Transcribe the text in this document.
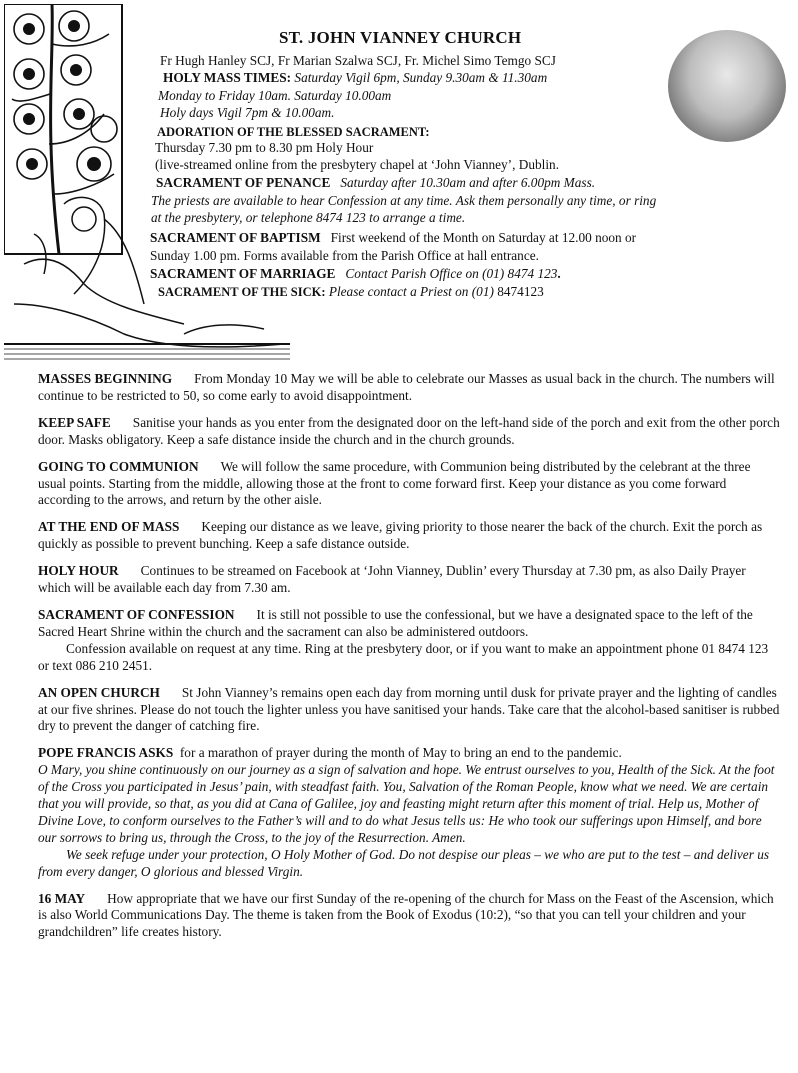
ST. JOHN VIANNEY CHURCH
Fr Hugh Hanley SCJ, Fr Marian Szalwa SCJ, Fr. Michel Simo Temgo SCJ
HOLY MASS TIMES: Saturday Vigil 6pm, Sunday 9.30am & 11.30am
Monday to Friday 10am. Saturday 10.00am
Holy days Vigil 7pm & 10.00am.
ADORATION OF THE BLESSED SACRAMENT:
Thursday 7.30 pm to 8.30 pm Holy Hour
(live-streamed online from the presbytery chapel at ‘John Vianney’, Dublin.
SACRAMENT OF PENANCE Saturday after 10.30am and after 6.00pm Mass.
The priests are available to hear Confession at any time. Ask them personally any time, or ring
at the presbytery, or telephone 8474 123 to arrange a time.
SACRAMENT OF BAPTISM First weekend of the Month on Saturday at 12.00 noon or
Sunday 1.00 pm. Forms available from the Parish Office at hall entrance.
SACRAMENT OF MARRIAGE Contact Parish Office on (01) 8474 123.
SACRAMENT OF THE SICK: Please contact a Priest on (01) 8474123

MASSES BEGINNING From Monday 10 May we will be able to celebrate our Masses as usual back in the church. The numbers will continue to be restricted to 50, so come early to avoid disappointment.

KEEP SAFE Sanitise your hands as you enter from the designated door on the left-hand side of the porch and exit from the other porch door. Masks obligatory. Keep a safe distance inside the church and in the church grounds.

GOING TO COMMUNION We will follow the same procedure, with Communion being distributed by the celebrant at the three usual points. Starting from the middle, allowing those at the front to come forward first. Keep your distance as you come forward according to the arrows, and return by the other aisle.

AT THE END OF MASS Keeping our distance as we leave, giving priority to those nearer the back of the church. Exit the porch as quickly as possible to prevent bunching. Keep a safe distance outside.

HOLY HOUR Continues to be streamed on Facebook at ‘John Vianney, Dublin’ every Thursday at 7.30 pm, as also Daily Prayer which will be available each day from 7.30 am.

SACRAMENT OF CONFESSION It is still not possible to use the confessional, but we have a designated space to the left of the Sacred Heart Shrine within the church and the sacrament can also be administered outdoors.
Confession available on request at any time. Ring at the presbytery door, or if you want to make an appointment phone 01 8474 123 or text 086 210 2451.

AN OPEN CHURCH St John Vianney’s remains open each day from morning until dusk for private prayer and the lighting of candles at our five shrines. Please do not touch the lighter unless you have sanitised your hands. Take care that the alcohol-based sanitiser is rubbed dry to prevent the danger of catching fire.

POPE FRANCIS ASKS for a marathon of prayer during the month of May to bring an end to the pandemic.
O Mary, you shine continuously on our journey as a sign of salvation and hope. We entrust ourselves to you, Health of the Sick. At the foot of the Cross you participated in Jesus’ pain, with steadfast faith. You, Salvation of the Roman People, know what we need. We are certain that you will provide, so that, as you did at Cana of Galilee, joy and feasting might return after this moment of trial. Help us, Mother of Divine Love, to conform ourselves to the Father’s will and to do what Jesus tells us: He who took our sufferings upon Himself, and bore our sorrows to bring us, through the Cross, to the joy of the Resurrection. Amen.
We seek refuge under your protection, O Holy Mother of God. Do not despise our pleas – we who are put to the test – and deliver us from every danger, O glorious and blessed Virgin.

16 MAY How appropriate that we have our first Sunday of the re-opening of the church for Mass on the Feast of the Ascension, which is also World Communications Day. The theme is taken from the Book of Exodus (10:2), “so that you can tell your children and your grandchildren” life creates history.
